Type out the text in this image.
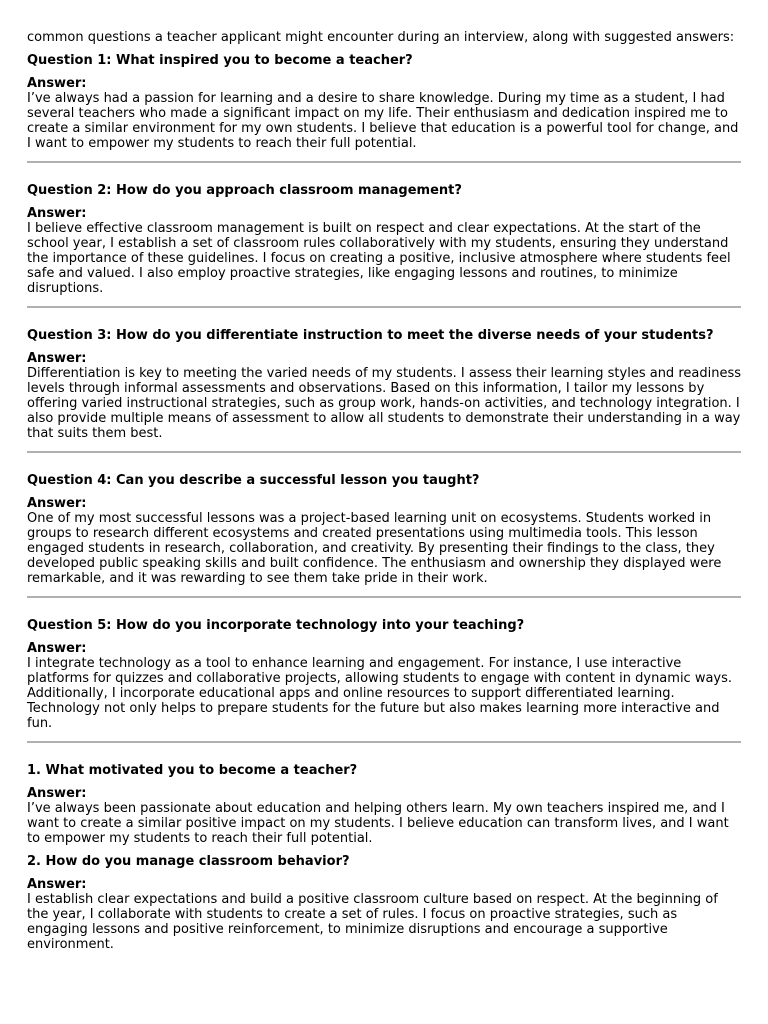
common questions a teacher applicant might encounter during an interview, along with suggested answers:

Question 1: What inspired you to become a teacher?

Answer:

I’ve always had a passion for learning and a desire to share knowledge. During my time as a student, I had several teachers who made a significant impact on my life. Their enthusiasm and dedication inspired me to create a similar environment for my own students. I believe that education is a powerful tool for change, and I want to empower my students to reach their full potential.

Question 2: How do you approach classroom management?

Answer:

I believe effective classroom management is built on respect and clear expectations. At the start of the school year, I establish a set of classroom rules collaboratively with my students, ensuring they understand the importance of these guidelines. I focus on creating a positive, inclusive atmosphere where students feel safe and valued. I also employ proactive strategies, like engaging lessons and routines, to minimize disruptions.

Question 3: How do you differentiate instruction to meet the diverse needs of your students?

Answer:

Differentiation is key to meeting the varied needs of my students. I assess their learning styles and readiness levels through informal assessments and observations. Based on this information, I tailor my lessons by offering varied instructional strategies, such as group work, hands-on activities, and technology integration. I also provide multiple means of assessment to allow all students to demonstrate their understanding in a way that suits them best.

Question 4: Can you describe a successful lesson you taught?

Answer:

One of my most successful lessons was a project-based learning unit on ecosystems. Students worked in groups to research different ecosystems and created presentations using multimedia tools. This lesson engaged students in research, collaboration, and creativity. By presenting their findings to the class, they developed public speaking skills and built confidence. The enthusiasm and ownership they displayed were remarkable, and it was rewarding to see them take pride in their work.

Question 5: How do you incorporate technology into your teaching?

Answer:

I integrate technology as a tool to enhance learning and engagement. For instance, I use interactive platforms for quizzes and collaborative projects, allowing students to engage with content in dynamic ways. Additionally, I incorporate educational apps and online resources to support differentiated learning. Technology not only helps to prepare students for the future but also makes learning more interactive and fun.

1. What motivated you to become a teacher?

Answer:

I’ve always been passionate about education and helping others learn. My own teachers inspired me, and I want to create a similar positive impact on my students. I believe education can transform lives, and I want to empower my students to reach their full potential.

2. How do you manage classroom behavior?

Answer:

I establish clear expectations and build a positive classroom culture based on respect. At the beginning of the year, I collaborate with students to create a set of rules. I focus on proactive strategies, such as engaging lessons and positive reinforcement, to minimize disruptions and encourage a supportive environment.
